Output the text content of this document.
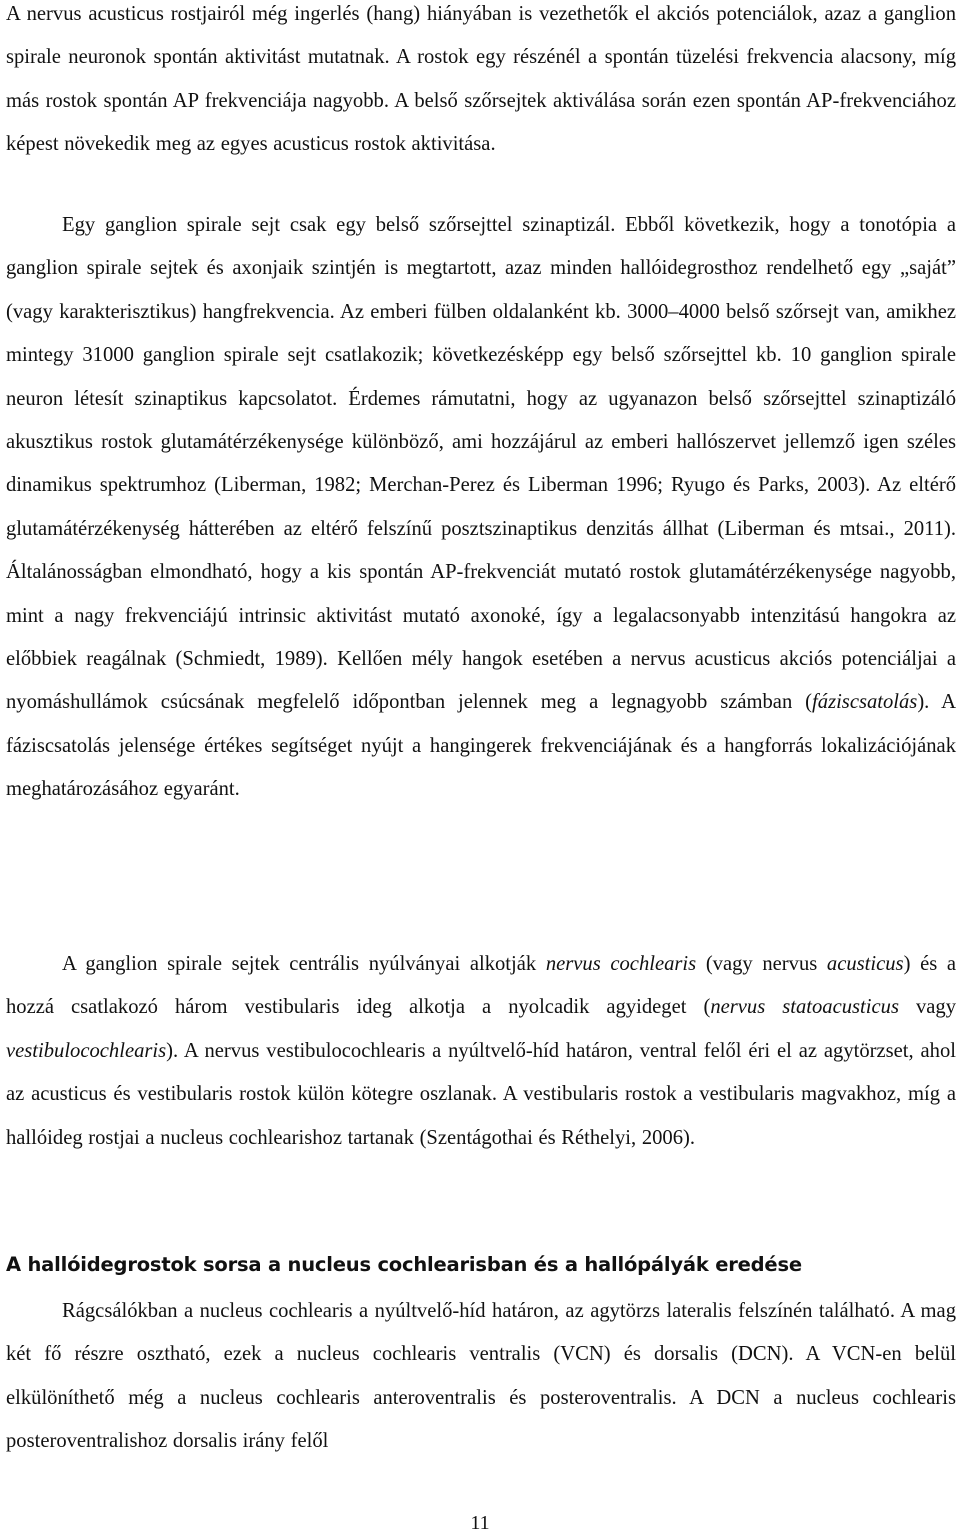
A nervus acusticus rostjairól még ingerlés (hang) hiányában is vezethetők el akciós potenciálok, azaz a ganglion spirale neuronok spontán aktivitást mutatnak. A rostok egy részénél a spontán tüzelési frekvencia alacsony, míg más rostok spontán AP frekvenciája nagyobb. A belső szőrsejtek aktiválása során ezen spontán AP-frekvenciához képest növekedik meg az egyes acusticus rostok aktivitása.

Egy ganglion spirale sejt csak egy belső szőrsejttel szinaptizál. Ebből következik, hogy a tonotópia a ganglion spirale sejtek és axonjaik szintjén is megtartott, azaz minden hallóidegrosthoz rendelhető egy „saját” (vagy karakterisztikus) hangfrekvencia. Az emberi fülben oldalanként kb. 3000–4000 belső szőrsejt van, amikhez mintegy 31000 ganglion spirale sejt csatlakozik; következésképp egy belső szőrsejttel kb. 10 ganglion spirale neuron létesít szinaptikus kapcsolatot. Érdemes rámutatni, hogy az ugyanazon belső szőrsejttel szinaptizáló akusztikus rostok glutamátérzékenysége különböző, ami hozzájárul az emberi hallószervet jellemző igen széles dinamikus spektrumhoz (Liberman, 1982; Merchan-Perez és Liberman 1996; Ryugo és Parks, 2003). Az eltérő glutamátérzékenység hátterében az eltérő felszínű posztszinaptikus denzitás állhat (Liberman és mtsai., 2011). Általánosságban elmondható, hogy a kis spontán AP-frekvenciát mutató rostok glutamátérzékenysége nagyobb, mint a nagy frekvenciájú intrinsic aktivitást mutató axonoké, így a legalacsonyabb intenzitású hangokra az előbbiek reagálnak (Schmiedt, 1989). Kellően mély hangok esetében a nervus acusticus akciós potenciáljai a nyomáshullámok csúcsának megfelelő időpontban jelennek meg a legnagyobb számban (fáziscsatolás). A fáziscsatolás jelensége értékes segítséget nyújt a hangingerek frekvenciájának és a hangforrás lokalizációjának meghatározásához egyaránt.

A ganglion spirale sejtek centrális nyúlványai alkotják nervus cochlearis (vagy nervus acusticus) és a hozzá csatlakozó három vestibularis ideg alkotja a nyolcadik agyideget (nervus statoacusticus vagy vestibulocochlearis). A nervus vestibulocochlearis a nyúltvelő-híd határon, ventral felől éri el az agytörzset, ahol az acusticus és vestibularis rostok külön kötegre oszlanak. A vestibularis rostok a vestibularis magvakhoz, míg a hallóideg rostjai a nucleus cochlearishoz tartanak (Szentágothai és Réthelyi, 2006).

A hallóidegrostok sorsa a nucleus cochlearisban és a hallópályák eredése

Rágcsálókban a nucleus cochlearis a nyúltvelő-híd határon, az agytörzs lateralis felszínén található. A mag két fő részre osztható, ezek a nucleus cochlearis ventralis (VCN) és dorsalis (DCN). A VCN-en belül elkülöníthető még a nucleus cochlearis anteroventralis és posteroventralis. A DCN a nucleus cochlearis posteroventralishoz dorsalis irány felől

11
